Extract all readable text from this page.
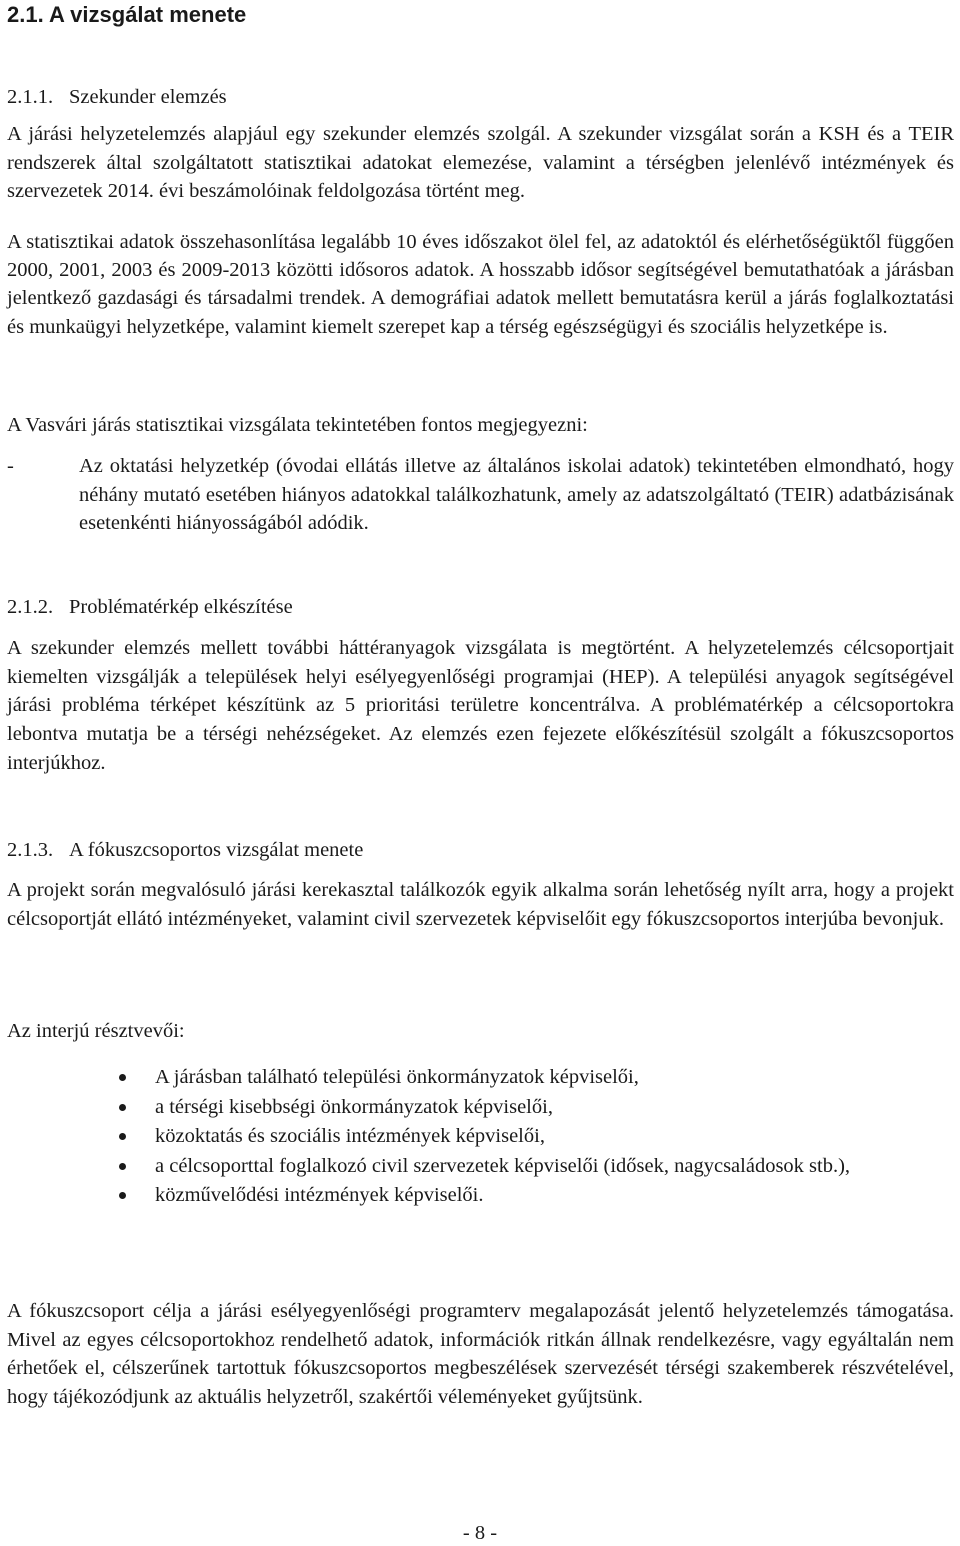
2.1. A vizsgálat menete
2.1.1. Szekunder elemzés

A járási helyzetelemzés alapjául egy szekunder elemzés szolgál. A szekunder vizsgálat során a KSH és a TEIR rendszerek által szolgáltatott statisztikai adatokat elemezése, valamint a térségben jelenlévő intézmények és szervezetek 2014. évi beszámolóinak feldolgozása történt meg.

A statisztikai adatok összehasonlítása legalább 10 éves időszakot ölel fel, az adatoktól és elérhetőségüktől függően 2000, 2001, 2003 és 2009-2013 közötti idősoros adatok. A hosszabb idősor segítségével bemutathatóak a járásban jelentkező gazdasági és társadalmi trendek. A demográfiai adatok mellett bemutatásra kerül a járás foglalkoztatási és munkaügyi helyzetképe, valamint kiemelt szerepet kap a térség egészségügyi és szociális helyzetképe is.

A Vasvári járás statisztikai vizsgálata tekintetében fontos megjegyezni:

-	Az oktatási helyzetkép (óvodai ellátás illetve az általános iskolai adatok) tekintetében elmondható, hogy néhány mutató esetében hiányos adatokkal találkozhatunk, amely az adatszolgáltató (TEIR) adatbázisának esetenkénti hiányosságából adódik.
2.1.2. Problématérkép elkészítése

A szekunder elemzés mellett további háttéranyagok vizsgálata is megtörtént. A helyzetelemzés célcsoportjait kiemelten vizsgálják a települések helyi esélyegyenlőségi programjai (HEP). A települési anyagok segítségével járási probléma térképet készítünk az 5 prioritási területre koncentrálva. A problématérkép a célcsoportokra lebontva mutatja be a térségi nehézségeket. Az elemzés ezen fejezete előkészítésül szolgált a fókuszcsoportos interjúkhoz.

2.1.3. A fókuszcsoportos vizsgálat menete

A projekt során megvalósuló járási kerekasztal találkozók egyik alkalma során lehetőség nyílt arra, hogy a projekt célcsoportját ellátó intézményeket, valamint civil szervezetek képviselőit egy fókuszcsoportos interjúba bevonjuk.

Az interjú résztvevői:

A járásban található települési önkormányzatok képviselői,
a térségi kisebbségi önkormányzatok képviselői,
közoktatás és szociális intézmények képviselői,
a célcsoporttal foglalkozó civil szervezetek képviselői (idősek, nagycsaládosok stb.),
közművelődési intézmények képviselői.

A fókuszcsoport célja a járási esélyegyenlőségi programterv megalapozását jelentő helyzetelemzés támogatása. Mivel az egyes célcsoportokhoz rendelhető adatok, információk ritkán állnak rendelkezésre, vagy egyáltalán nem érhetőek el, célszerűnek tartottuk fókuszcsoportos megbeszélések szervezését térségi szakemberek részvételével, hogy tájékozódjunk az aktuális helyzetről, szakértői véleményeket gyűjtsünk.

- 8 -
